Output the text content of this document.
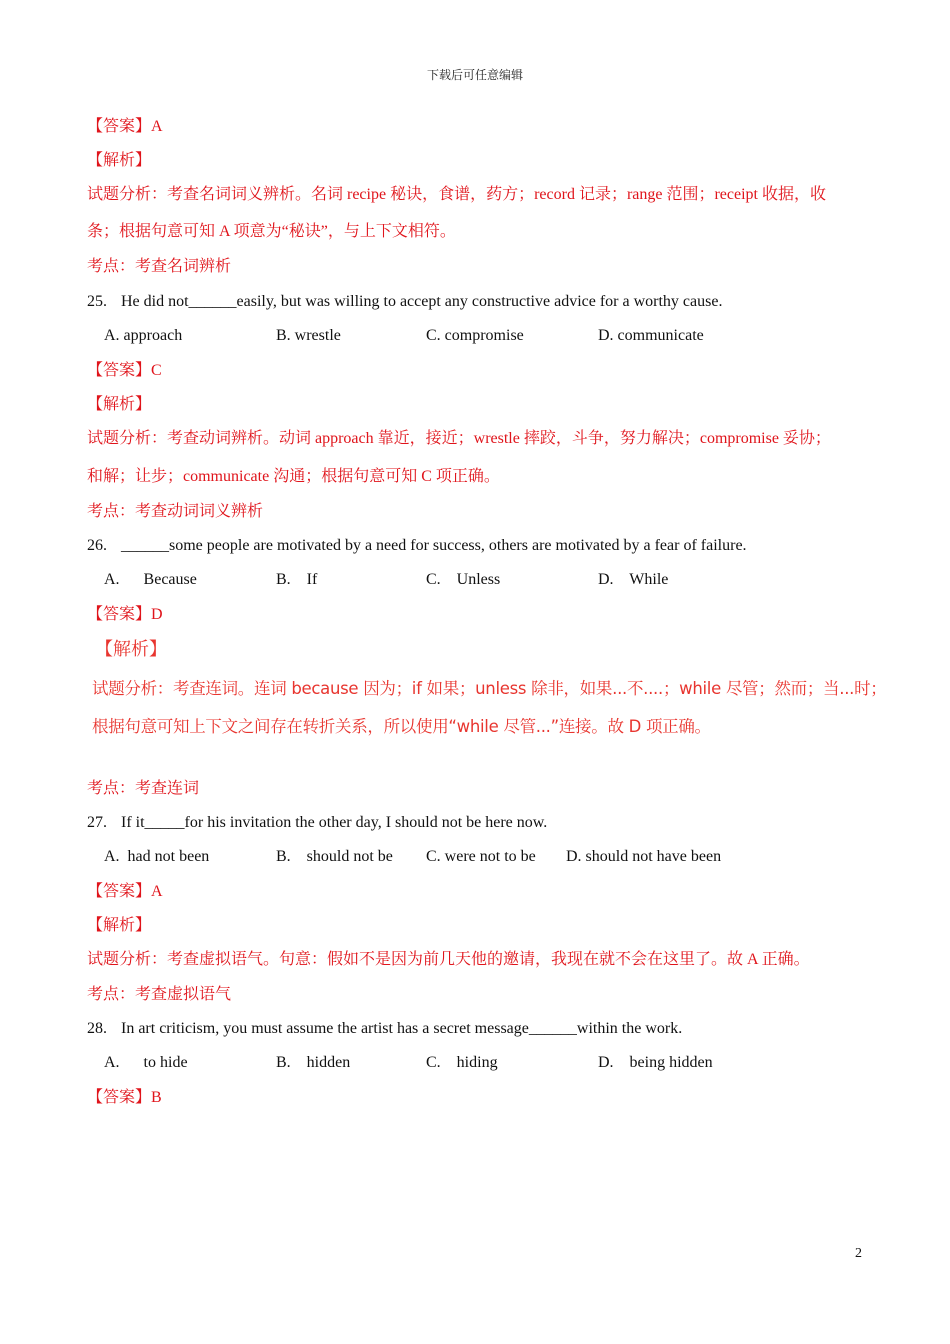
下载后可任意编辑
【答案】A
【解析】
试题分析：考查名词词义辨析。名词 recipe 秘诀，食谱，药方；record 记录；range 范围；receipt 收据，收
条；根据句意可知 A 项意为“秘诀”，与上下文相符。
考点：考查名词辨析
25. He did not______easily, but was willing to accept any constructive advice for a worthy cause.
A. approach	B. wrestle	C. compromise	D. communicate
【答案】C
【解析】
试题分析：考查动词辨析。动词 approach 靠近，接近；wrestle 摔跤，斗争，努力解决；compromise 妥协；
和解；让步；communicate 沟通；根据句意可知 C 项正确。
考点：考查动词词义辨析
26. ______some people are motivated by a need for success, others are motivated by a fear of failure.
A.      Because	B.    If	C.    Unless	D.    While
【答案】D
【解析】
试题分析：考查连词。连词 because 因为；if 如果；unless 除非，如果...不....；while 尽管；然而；当...时；
根据句意可知上下文之间存在转折关系，所以使用“while 尽管...”连接。故 D 项正确。
考点：考查连词
27. If it_____for his invitation the other day, I should not be here now.
A.  had not been	B.    should not be C. were not to be D. should not have been
【答案】A
【解析】
试题分析：考查虚拟语气。句意：假如不是因为前几天他的邀请，我现在就不会在这里了。故 A 正确。
考点：考查虚拟语气
28. In art criticism, you must assume the artist has a secret message______within the work.
A.      to hide	B.    hidden	C.    hiding	D.    being hidden
【答案】B
2
